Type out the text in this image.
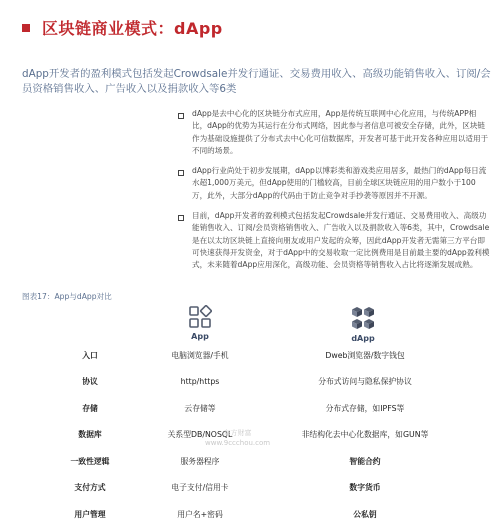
区块链商业模式：dApp
dApp开发者的盈利模式包括发起Crowdsale并发行通证、交易费用收入、高级功能销售收入、订阅/会员资格销售收入、广告收入以及捐款收入等6类
dApp是去中心化的区块链分布式应用，App是传统互联网中心化应用，与传统APP相比，dApp的优势为其运行在分布式网络，因此参与者信息可被安全存储，此外，区块链作为基础设施提供了分布式去中心化可信数据库，开发者可基于此开发各种应用以适用于不同的场景。
dApp行业尚处于初步发展期，dApp以博彩类和游戏类应用居多，最热门的dApp每日流水超1,000万美元，但dApp使用的门槛较高，目前全球区块链应用的用户数小于100万，此外，大部分dApp的代码由于防止竞争对手抄袭等原因并不开源。
目前，dApp开发者的盈利模式包括发起Crowdsale并发行通证、交易费用收入、高级功能销售收入、订阅/会员资格销售收入、广告收入以及捐款收入等6类，其中，Crowdsale是在以太坊区块链上直接向朋友或用户发起的众筹，因此dApp开发者无需第三方平台即可快速获得开发资金，对于dApp中的交易收取一定比例费用是目前最主要的dApp盈利模式，未来随着dApp应用深化，高级功能、会员资格等销售收入占比将逐渐发展成熟。
图表17：App与dApp对比
App	dApp
入口	电脑浏览器/手机	Dweb浏览器/数字钱包
协议	http/https	分布式访问与隐私保护协议
存储	云存储等	分布式存储，如IPFS等
数据库	关系型DB/NOSQL	非结构化去中心化数据库，如GUN等
一致性逻辑	服务器程序	智能合约
支付方式	电子支付/信用卡	数字货币
用户管理	用户名+密码	公私钥
东方财富
www.9ccchou.com
